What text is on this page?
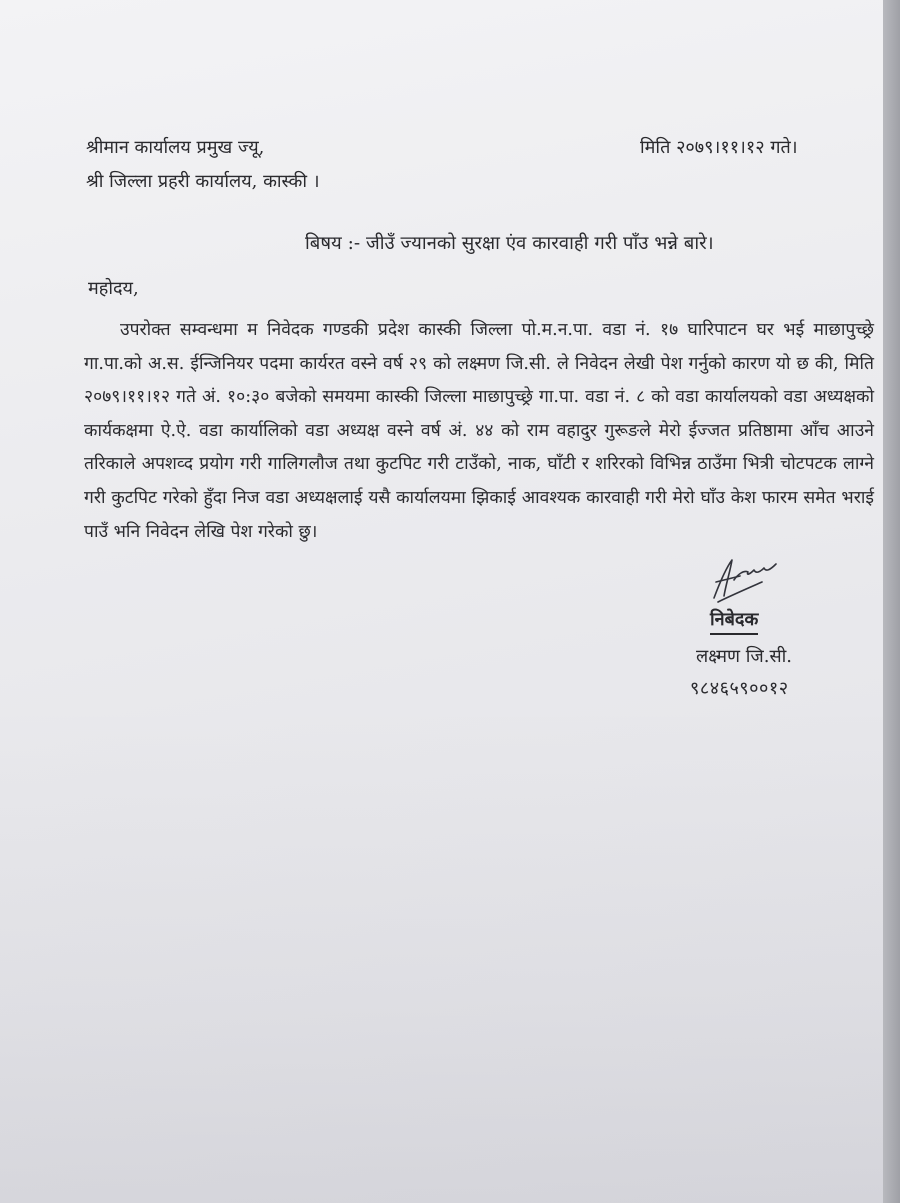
श्रीमान कार्यालय प्रमुख ज्यू,
श्री जिल्ला प्रहरी कार्यालय, कास्की ।
मिति २०७९।११।१२ गते।
बिषय :- जीउँ ज्यानको सुरक्षा एंव कारवाही गरी पाँउ भन्ने बारे।
महोदय,
उपरोक्त सम्वन्धमा म निवेदक गण्डकी प्रदेश कास्की जिल्ला पो.म.न.पा. वडा नं. १७ घारिपाटन घर भई माछापुच्छ्रे गा.पा.को अ.स. ईन्जिनियर पदमा कार्यरत वस्ने वर्ष २९ को लक्ष्मण जि.सी. ले निवेदन लेखी पेश गर्नुको कारण यो छ की, मिति २०७९।११।१२ गते अं. १०:३० बजेको समयमा कास्की जिल्ला माछापुच्छ्रे गा.पा. वडा नं. ८ को वडा कार्यालयको वडा अध्यक्षको कार्यकक्षमा ऐ.ऐ. वडा कार्यालिको वडा अध्यक्ष वस्ने वर्ष अं. ४४ को राम वहादुर गुरूङले मेरो ईज्जत प्रतिष्ठामा आँच आउने तरिकाले अपशव्द प्रयोग गरी गालिगलौज तथा कुटपिट गरी टाउँको, नाक, घाँटी र शरिरको विभिन्न ठाउँमा भित्री चोटपटक लाग्ने गरी कुटपिट गरेको हुँदा निज वडा अध्यक्षलाई यसै कार्यालयमा झिकाई आवश्यक कारवाही गरी मेरो घाँउ केश फारम समेत भराई पाउँ भनि निवेदन लेखि पेश गरेको छु।
निबेदक
लक्ष्मण जि.सी.
९८४६५९००१२
